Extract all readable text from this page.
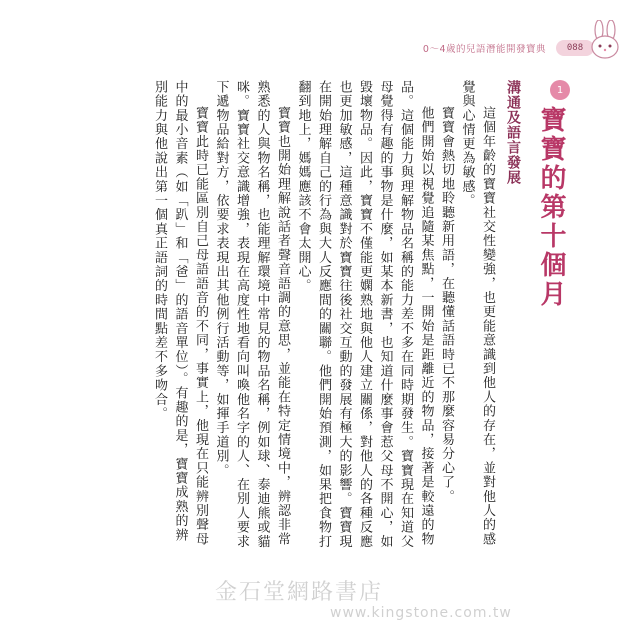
0～4歲的兒語潛能開發寶典	088
1
寶寶的第十個月
溝通及語言發展

這個年齡的寶寶社交性變強，也更能意識到他人的存在，並對他人的感覺與心情更為敏感。

寶寶會熱切地聆聽新用語，在聽懂話語時已不那麼容易分心了。

他們開始以視覺追隨某焦點，一開始是距離近的物品，接著是較遠的物品。這個能力與理解物品名稱的能力差不多在同時期發生。寶寶現在知道父母覺得有趣的事物是什麼，如某本新書，也知道什麼事會惹父母不開心，如毀壞物品。因此，寶寶不僅能更嫻熟地與他人建立關係，對他人的各種反應也更加敏感，這種意識對於寶寶往後社交互動的發展有極大的影響。寶寶現在開始理解自己的行為與大人反應間的關聯。他們開始預測，如果把食物打翻到地上，媽媽應該不會太開心。

寶寶也開始理解說話者聲音語調的意思，並能在特定情境中，辨認非常熟悉的人與物名稱，也能理解環境中常見的物品名稱，例如球、泰迪熊或貓咪。寶寶社交意識增強，表現在高度性地看向叫喚他名字的人、在別人要求下遞物品給對方，依要求表現出其他例行活動等，如揮手道別。

寶寶此時已能區別自己母語語音的不同，事實上，他現在只能辨別聲母中的最小音素（如「趴」和「爸」的語音單位）。有趣的是，寶寶成熟的辨別能力與他說出第一個真正語詞的時間點差不多吻合。

金石堂網路書店
www.kingstone.com.tw
